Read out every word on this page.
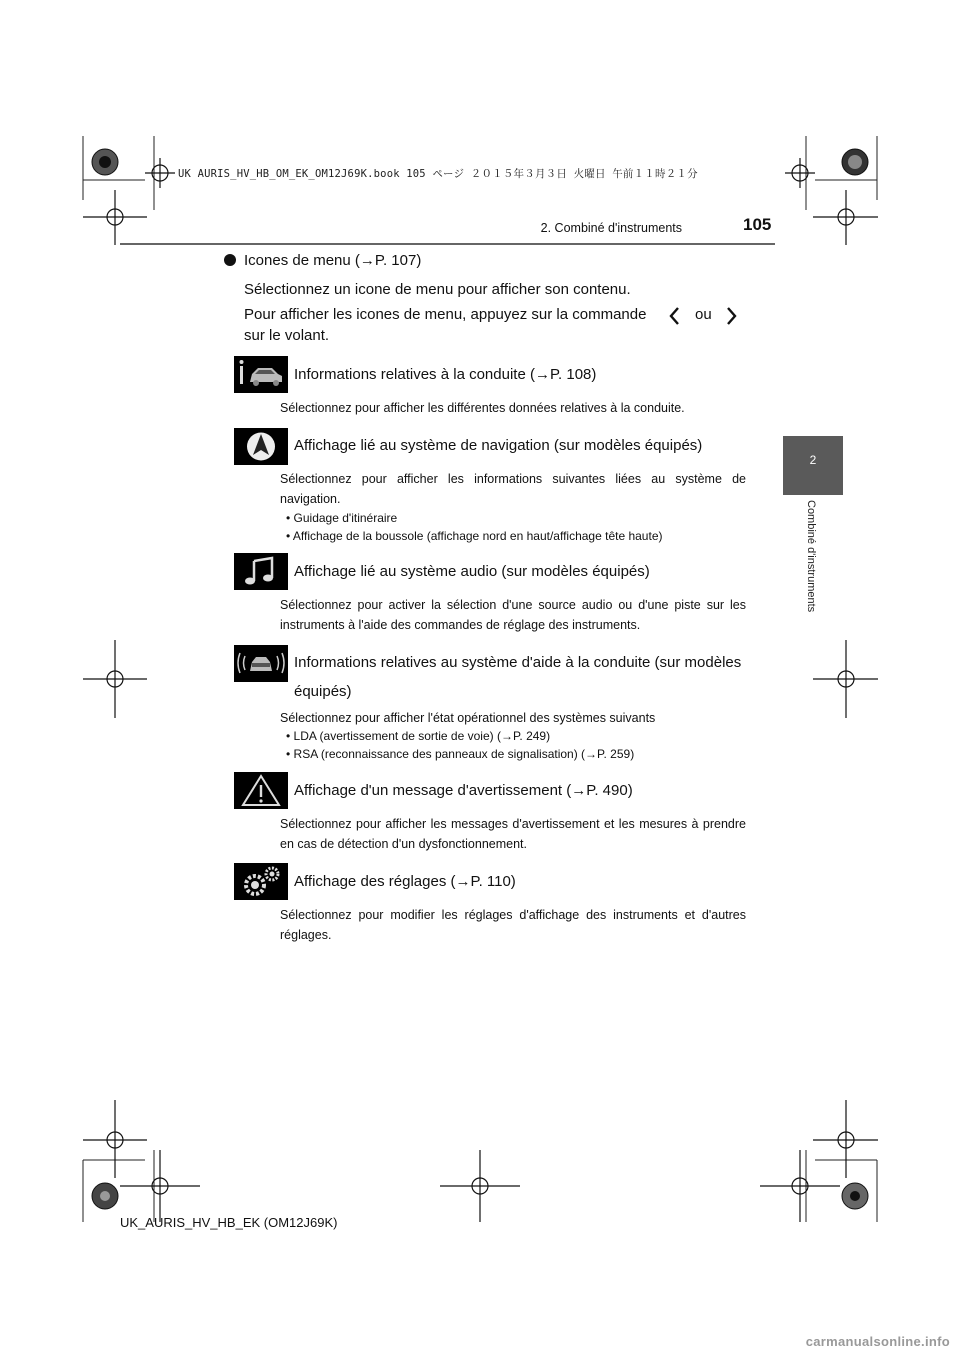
UK AURIS_HV_HB_OM_EK_OM12J69K.book 105 ページ ２０１５年３月３日 火曜日 午前１１時２１分
2. Combiné d'instruments	105
2
Combiné d'instruments
Icones de menu (→P. 107)
Sélectionnez un icone de menu pour afficher son contenu.
Pour afficher les icones de menu, appuyez sur la commande	ou
sur le volant.
Informations relatives à la conduite (→P. 108)
Sélectionnez pour afficher les différentes données relatives à la conduite.
Affichage lié au système de navigation (sur modèles équipés)
Sélectionnez pour afficher les informations suivantes liées au système de navigation.
• Guidage d'itinéraire
• Affichage de la boussole (affichage nord en haut/affichage tête haute)
Affichage lié au système audio (sur modèles équipés)
Sélectionnez pour activer la sélection d'une source audio ou d'une piste sur les instruments à l'aide des commandes de réglage des instruments.
Informations relatives au système d'aide à la conduite (sur modèles
équipés)
Sélectionnez pour afficher l'état opérationnel des systèmes suivants
• LDA (avertissement de sortie de voie) (→P. 249)
• RSA (reconnaissance des panneaux de signalisation) (→P. 259)
Affichage d'un message d'avertissement (→P. 490)
Sélectionnez pour afficher les messages d'avertissement et les mesures à prendre en cas de détection d'un dysfonctionnement.
Affichage des réglages (→P. 110)
Sélectionnez pour modifier les réglages d'affichage des instruments et d'autres réglages.
UK_AURIS_HV_HB_EK (OM12J69K)
carmanualsonline.info
